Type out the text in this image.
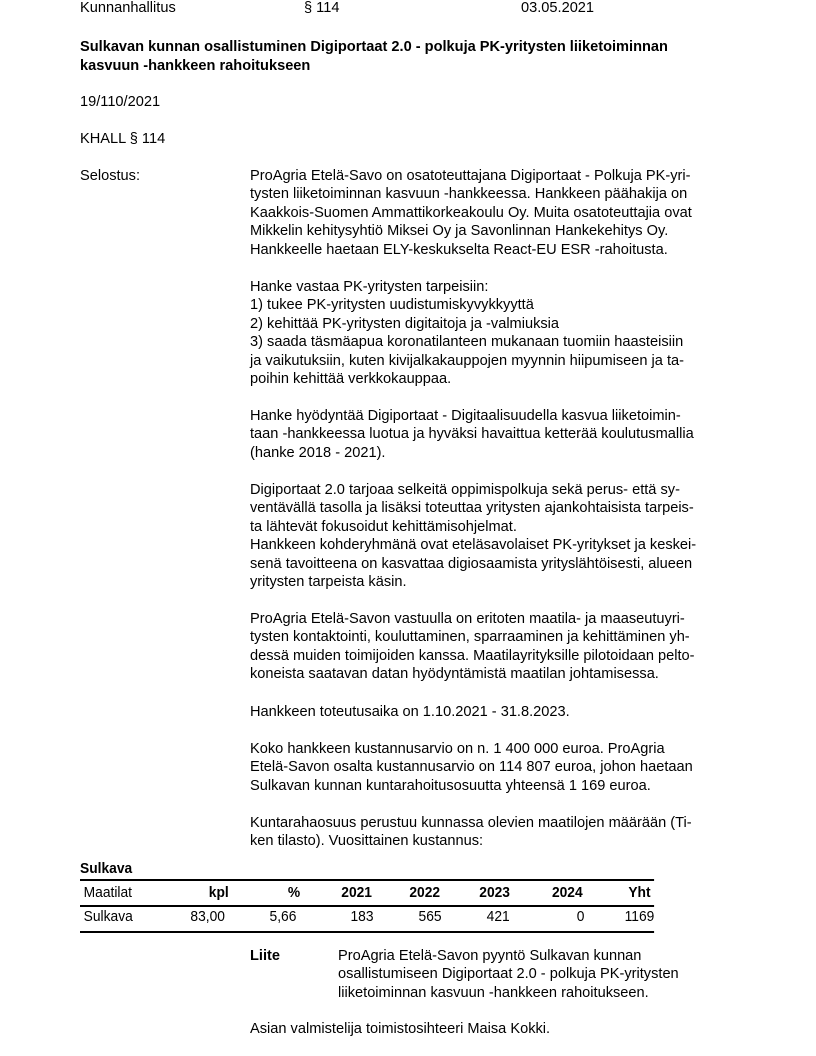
Kunnanhallitus	§ 114	03.05.2021
Sulkavan kunnan osallistuminen Digiportaat 2.0 - polkuja PK-yritysten liiketoiminnan
kasvuun -hankkeen rahoitukseen
19/110/2021
KHALL § 114
Selostus:	ProAgria Etelä-Savo on osatoteuttajana Digiportaat - Polkuja PK-yri-
tysten liiketoiminnan kasvuun -hankkeessa. Hankkeen päähakija on
Kaakkois-Suomen Ammattikorkeakoulu Oy. Muita osatoteuttajia ovat
Mikkelin kehitysyhtiö Miksei Oy ja Savonlinnan Hankekehitys Oy.
Hankkeelle haetaan ELY-keskukselta React-EU ESR -rahoitusta.
Hanke vastaa PK-yritysten tarpeisiin:
1) tukee PK-yritysten uudistumiskyvykkyyttä
2) kehittää PK-yritysten digitaitoja ja -valmiuksia
3) saada täsmäapua koronatilanteen mukanaan tuomiin haasteisiin
ja vaikutuksiin, kuten kivijalkakauppojen myynnin hiipumiseen ja ta-
poihin kehittää verkkokauppaa.
Hanke hyödyntää Digiportaat - Digitaalisuudella kasvua liiketoimin-
taan -hankkeessa luotua ja hyväksi havaittua ketterää koulutusmallia
(hanke 2018 - 2021).
Digiportaat 2.0 tarjoaa selkeitä oppimispolkuja sekä perus- että sy-
ventävällä tasolla ja lisäksi toteuttaa yritysten ajankohtaisista tarpeis-
ta lähtevät fokusoidut kehittämisohjelmat.
Hankkeen kohderyhmänä ovat eteläsavolaiset PK-yritykset ja keskei-
senä tavoitteena on kasvattaa digiosaamista yrityslähtöisesti, alueen
yritysten tarpeista käsin.
ProAgria Etelä-Savon vastuulla on eritoten maatila- ja maaseutuyri-
tysten kontaktointi, kouluttaminen, sparraaminen ja kehittäminen yh-
dessä muiden toimijoiden kanssa. Maatilayrityksille pilotoidaan pelto-
koneista saatavan datan hyödyntämistä maatilan johtamisessa.
Hankkeen toteutusaika on 1.10.2021 - 31.8.2023.
Koko hankkeen kustannusarvio on n. 1 400 000 euroa. ProAgria
Etelä-Savon osalta kustannusarvio on 114 807 euroa, johon haetaan
Sulkavan kunnan kuntarahoitusosuutta yhteensä 1 169 euroa.
Kuntarahaosuus perustuu kunnassa olevien maatilojen määrään (Ti-
ken tilasto). Vuosittainen kustannus:
Sulkava
Maatilat	kpl	%	2021 2022	2023	2024	Yht
Sulkava	83,00	5,66	183	565	421	0	1169
Liite	ProAgria Etelä-Savon pyyntö Sulkavan kunnan
osallistumiseen Digiportaat 2.0 - polkuja PK-yritysten
liiketoiminnan kasvuun -hankkeen rahoitukseen.
Asian valmistelija toimistosihteeri Maisa Kokki.
